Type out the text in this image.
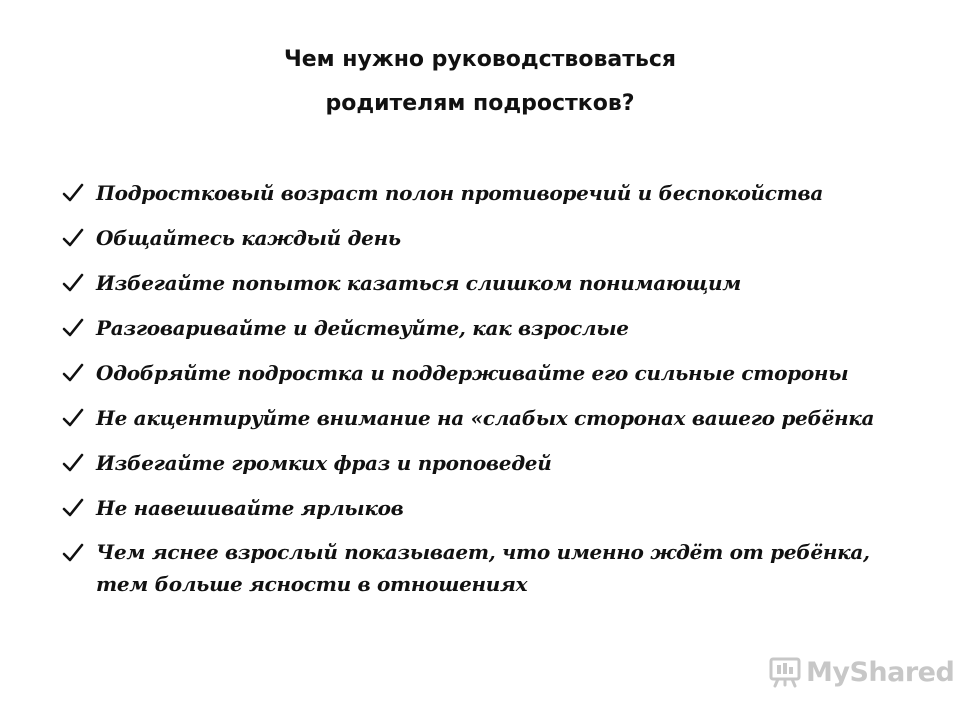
Чем нужно руководствоваться
родителям подростков?
Подростковый возраст полон противоречий и беспокойства
Общайтесь каждый день
Избегайте попыток казаться слишком понимающим
Разговаривайте и действуйте, как взрослые
Одобряйте подростка и поддерживайте его сильные стороны
Не акцентируйте внимание на «слабых сторонах вашего ребёнка
Избегайте громких фраз и проповедей
Не навешивайте ярлыков
Чем яснее взрослый показывает, что именно ждёт от ребёнка,
тем больше ясности в отношениях
MyShared
